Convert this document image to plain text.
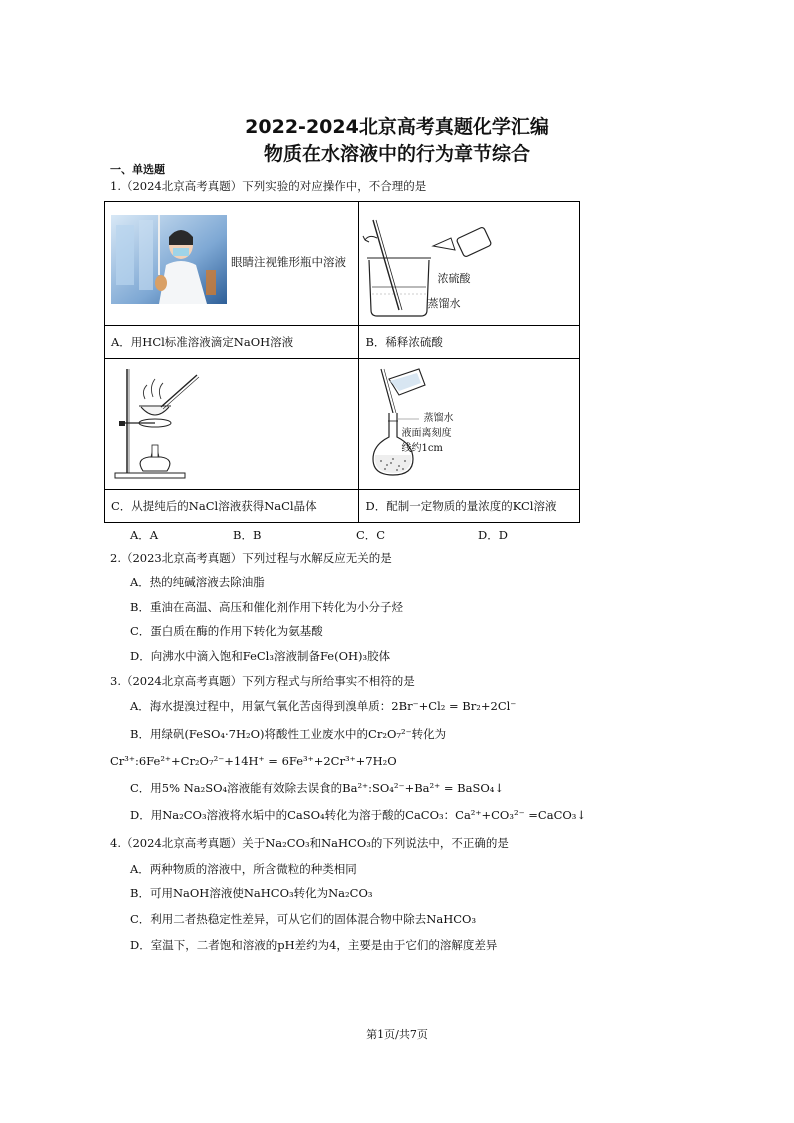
2022-2024北京高考真题化学汇编
物质在水溶液中的行为章节综合
一、单选题
1.（2024北京高考真题）下列实验的对应操作中，不合理的是
眼睛注视锥形瓶中溶液	浓硫酸
蒸馏水

A．用HCl标准溶液滴定NaOH溶液	B．稀释浓硫酸

蒸馏水
液面离刻度
线约1cm

C．从提纯后的NaCl溶液获得NaCl晶体	D．配制一定物质的量浓度的KCl溶液
A．A	B．B	C．C	D．D
2.（2023北京高考真题）下列过程与水解反应无关的是
A．热的纯碱溶液去除油脂
B．重油在高温、高压和催化剂作用下转化为小分子烃
C．蛋白质在酶的作用下转化为氨基酸
D．向沸水中滴入饱和FeCl₃溶液制备Fe(OH)₃胶体
3.（2024北京高考真题）下列方程式与所给事实不相符的是
A．海水提溴过程中，用氯气氧化苦卤得到溴单质：2Br⁻+Cl₂ = Br₂+2Cl⁻
B．用绿矾(FeSO₄·7H₂O)将酸性工业废水中的Cr₂O₇²⁻转化为
Cr³⁺:6Fe²⁺+Cr₂O₇²⁻+14H⁺ = 6Fe³⁺+2Cr³⁺+7H₂O
C．用5% Na₂SO₄溶液能有效除去误食的Ba²⁺:SO₄²⁻+Ba²⁺ = BaSO₄↓
D．用Na₂CO₃溶液将水垢中的CaSO₄转化为溶于酸的CaCO₃：Ca²⁺+CO₃²⁻ =CaCO₃↓
4.（2024北京高考真题）关于Na₂CO₃和NaHCO₃的下列说法中，不正确的是
A．两种物质的溶液中，所含微粒的种类相同
B．可用NaOH溶液使NaHCO₃转化为Na₂CO₃
C．利用二者热稳定性差异，可从它们的固体混合物中除去NaHCO₃
D．室温下，二者饱和溶液的pH差约为4，主要是由于它们的溶解度差异
第1页/共7页
